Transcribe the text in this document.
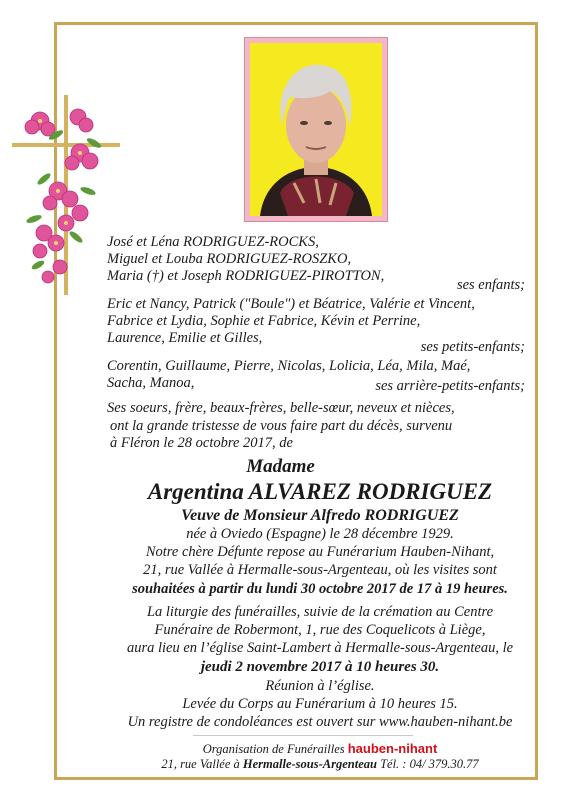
José et Léna RODRIGUEZ-ROCKS,
Miguel et Louba RODRIGUEZ-ROSZKO,
Maria (†) et Joseph RODRIGUEZ-PIROTTON,
ses enfants;
Eric et Nancy, Patrick ("Boule") et Béatrice, Valérie et Vincent,
Fabrice et Lydia, Sophie et Fabrice, Kévin et Perrine,
Laurence, Emilie et Gilles,
ses petits-enfants;
Corentin, Guillaume, Pierre, Nicolas, Lolicia, Léa, Mila, Maé,
Sacha, Manoa,	ses arrière-petits-enfants;
Ses soeurs, frère, beaux-frères, belle-sœur, neveux et nièces,
ont la grande tristesse de vous faire part du décès, survenu
à Fléron le 28 octobre 2017, de
Madame
Argentina ALVAREZ RODRIGUEZ
Veuve de Monsieur Alfredo RODRIGUEZ
née à Oviedo (Espagne) le 28 décembre 1929.
Notre chère Défunte repose au Funérarium Hauben-Nihant,
21, rue Vallée à Hermalle-sous-Argenteau, où les visites sont
souhaitées à partir du lundi 30 octobre 2017 de 17 à 19 heures.
La liturgie des funérailles, suivie de la crémation au Centre
Funéraire de Robermont, 1, rue des Coquelicots à Liège,
aura lieu en l’église Saint-Lambert à Hermalle-sous-Argenteau, le
jeudi 2 novembre 2017 à 10 heures 30.
Réunion à l’église.
Levée du Corps au Funérarium à 10 heures 15.
Un registre de condoléances est ouvert sur www.hauben-nihant.be
Organisation de Funérailles hauben-nihant
21, rue Vallée à Hermalle-sous-Argenteau Tél. : 04/ 379.30.77
